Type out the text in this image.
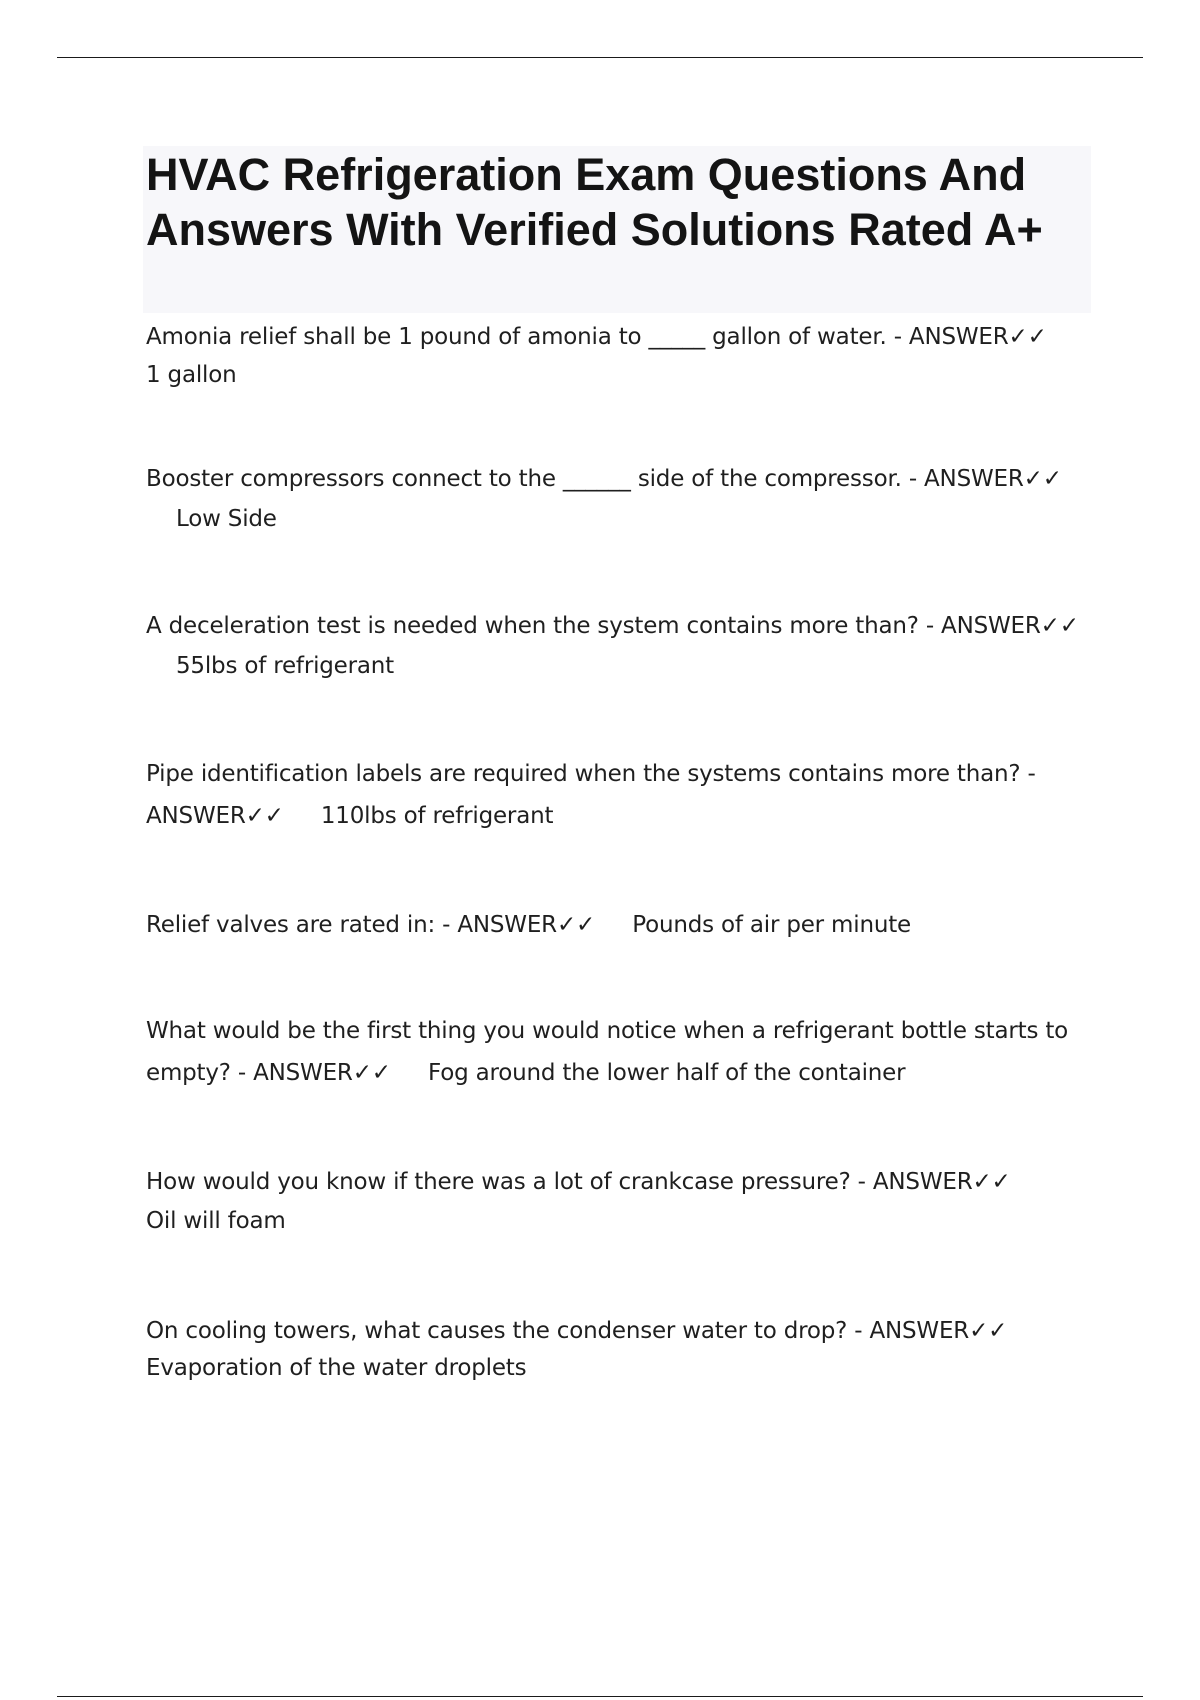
HVAC Refrigeration Exam Questions And Answers With Verified Solutions Rated A+

Amonia relief shall be 1 pound of amonia to _____ gallon of water. - ANSWER✓✓
1 gallon

Booster compressors connect to the ______ side of the compressor. - ANSWER✓✓ Low Side

A deceleration test is needed when the system contains more than? - ANSWER✓✓ 55lbs of refrigerant

Pipe identification labels are required when the systems contains more than? - ANSWER✓✓ 110lbs of refrigerant

Relief valves are rated in: - ANSWER✓✓ Pounds of air per minute

What would be the first thing you would notice when a refrigerant bottle starts to empty? - ANSWER✓✓ Fog around the lower half of the container

How would you know if there was a lot of crankcase pressure? - ANSWER✓✓
Oil will foam

On cooling towers, what causes the condenser water to drop? - ANSWER✓✓
Evaporation of the water droplets
